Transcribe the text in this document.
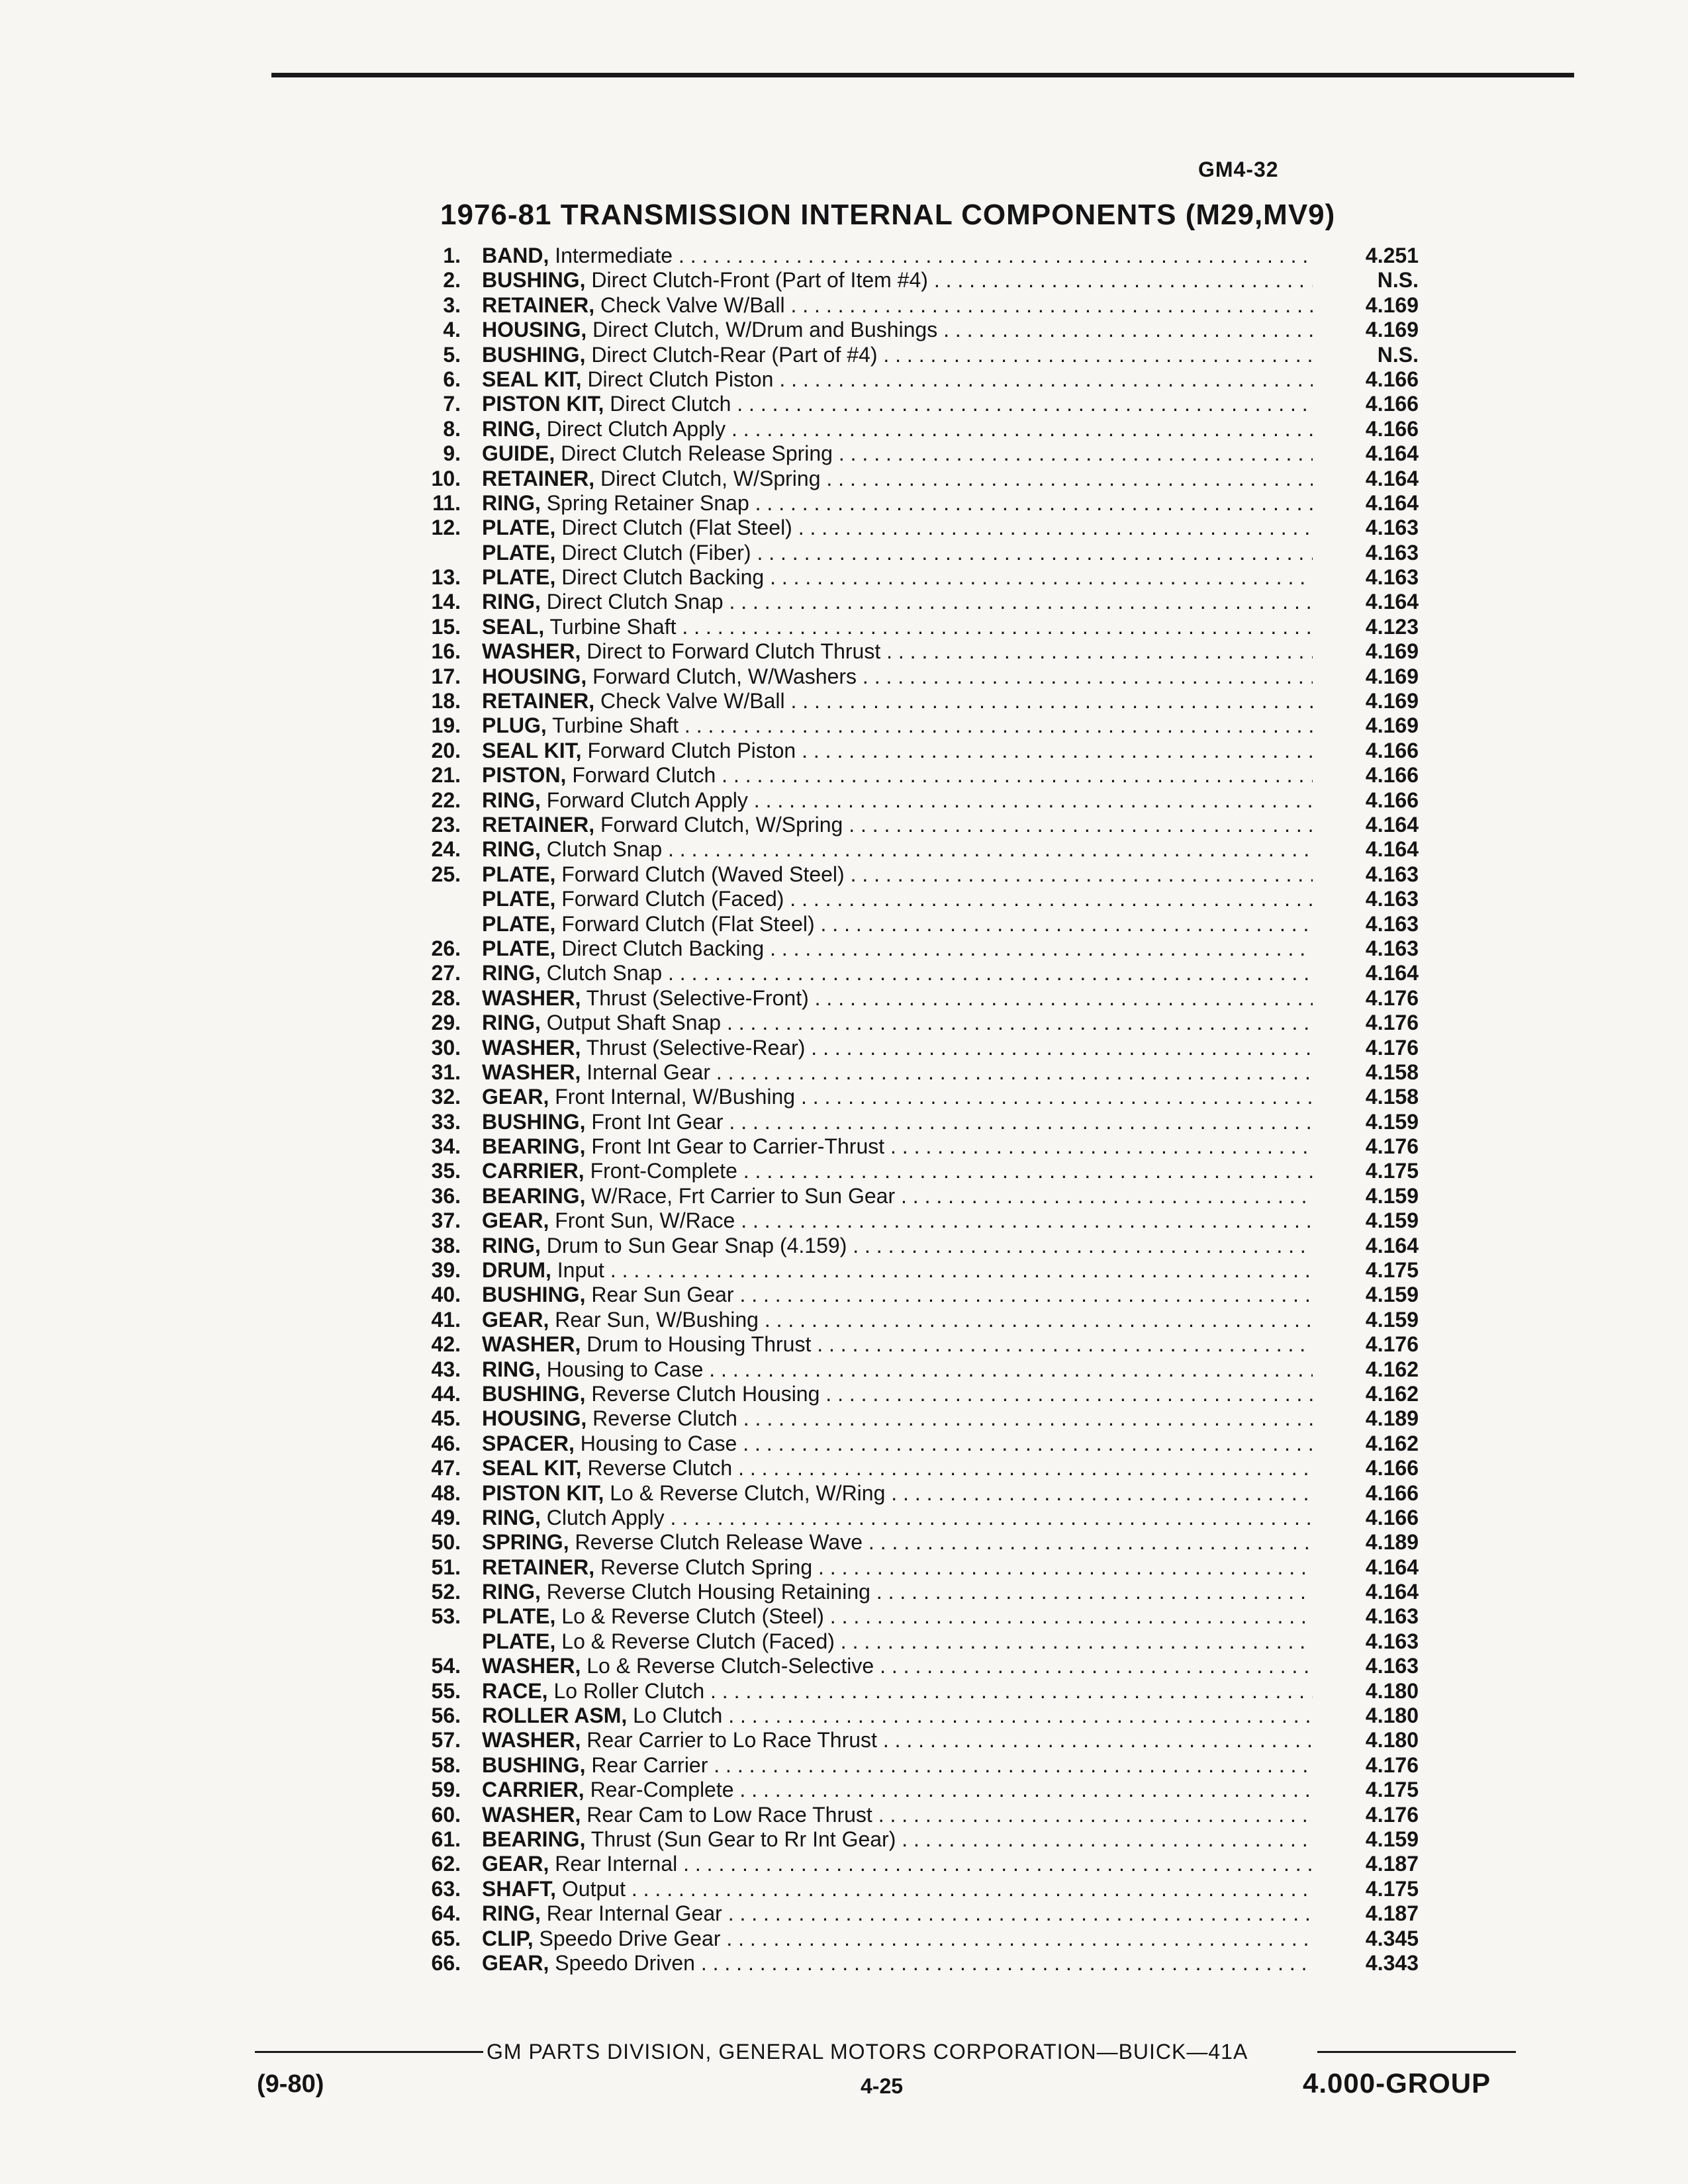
GM4-32
1976-81 TRANSMISSION INTERNAL COMPONENTS (M29,MV9)
1. BAND, Intermediate . . .	4.251
2. BUSHING, Direct Clutch-Front (Part of Item #4) . . .	N.S.
3. RETAINER, Check Valve W/Ball . . .	4.169
4. HOUSING, Direct Clutch, W/Drum and Bushings . . .	4.169
5. BUSHING, Direct Clutch-Rear (Part of #4) . . .	N.S.
6. SEAL KIT, Direct Clutch Piston . . .	4.166
7. PISTON KIT, Direct Clutch . . .	4.166
8. RING, Direct Clutch Apply . . .	4.166
9. GUIDE, Direct Clutch Release Spring . . .	4.164
10. RETAINER, Direct Clutch, W/Spring . . .	4.164
11. RING, Spring Retainer Snap . . .	4.164
12. PLATE, Direct Clutch (Flat Steel) . . .	4.163
PLATE, Direct Clutch (Fiber) . . .	4.163
13. PLATE, Direct Clutch Backing . . .	4.163
14. RING, Direct Clutch Snap . . .	4.164
15. SEAL, Turbine Shaft . . .	4.123
16. WASHER, Direct to Forward Clutch Thrust . . .	4.169
17. HOUSING, Forward Clutch, W/Washers . . .	4.169
18. RETAINER, Check Valve W/Ball . . .	4.169
19. PLUG, Turbine Shaft . . .	4.169
20. SEAL KIT, Forward Clutch Piston . . .	4.166
21. PISTON, Forward Clutch . . .	4.166
22. RING, Forward Clutch Apply . . .	4.166
23. RETAINER, Forward Clutch, W/Spring . . .	4.164
24. RING, Clutch Snap . . .	4.164
25. PLATE, Forward Clutch (Waved Steel) . . .	4.163
PLATE, Forward Clutch (Faced) . . .	4.163
PLATE, Forward Clutch (Flat Steel) . . .	4.163
26. PLATE, Direct Clutch Backing . . .	4.163
27. RING, Clutch Snap . . .	4.164
28. WASHER, Thrust (Selective-Front) . . .	4.176
29. RING, Output Shaft Snap . . .	4.176
30. WASHER, Thrust (Selective-Rear) . . .	4.176
31. WASHER, Internal Gear . . .	4.158
32. GEAR, Front Internal, W/Bushing . . .	4.158
33. BUSHING, Front Int Gear . . .	4.159
34. BEARING, Front Int Gear to Carrier-Thrust . . .	4.176
35. CARRIER, Front-Complete . . .	4.175
36. BEARING, W/Race, Frt Carrier to Sun Gear . . .	4.159
37. GEAR, Front Sun, W/Race . . .	4.159
38. RING, Drum to Sun Gear Snap (4.159) . . .	4.164
39. DRUM, Input . . .	4.175
40. BUSHING, Rear Sun Gear . . .	4.159
41. GEAR, Rear Sun, W/Bushing . . .	4.159
42. WASHER, Drum to Housing Thrust . . .	4.176
43. RING, Housing to Case . . .	4.162
44. BUSHING, Reverse Clutch Housing . . .	4.162
45. HOUSING, Reverse Clutch . . .	4.189
46. SPACER, Housing to Case . . .	4.162
47. SEAL KIT, Reverse Clutch . . .	4.166
48. PISTON KIT, Lo & Reverse Clutch, W/Ring . . .	4.166
49. RING, Clutch Apply . . .	4.166
50. SPRING, Reverse Clutch Release Wave . . .	4.189
51. RETAINER, Reverse Clutch Spring . . .	4.164
52. RING, Reverse Clutch Housing Retaining . . .	4.164
53. PLATE, Lo & Reverse Clutch (Steel) . . .	4.163
PLATE, Lo & Reverse Clutch (Faced) . . .	4.163
54. WASHER, Lo & Reverse Clutch-Selective . . .	4.163
55. RACE, Lo Roller Clutch . . .	4.180
56. ROLLER ASM, Lo Clutch . . .	4.180
57. WASHER, Rear Carrier to Lo Race Thrust . . .	4.180
58. BUSHING, Rear Carrier . . .	4.176
59. CARRIER, Rear-Complete . . .	4.175
60. WASHER, Rear Cam to Low Race Thrust . . .	4.176
61. BEARING, Thrust (Sun Gear to Rr Int Gear) . . .	4.159
62. GEAR, Rear Internal . . .	4.187
63. SHAFT, Output . . .	4.175
64. RING, Rear Internal Gear . . .	4.187
65. CLIP, Speedo Drive Gear . . .	4.345
66. GEAR, Speedo Driven . . .	4.343
GM PARTS DIVISION, GENERAL MOTORS CORPORATION—BUICK—41A
(9-80)	4-25	4.000-GROUP
